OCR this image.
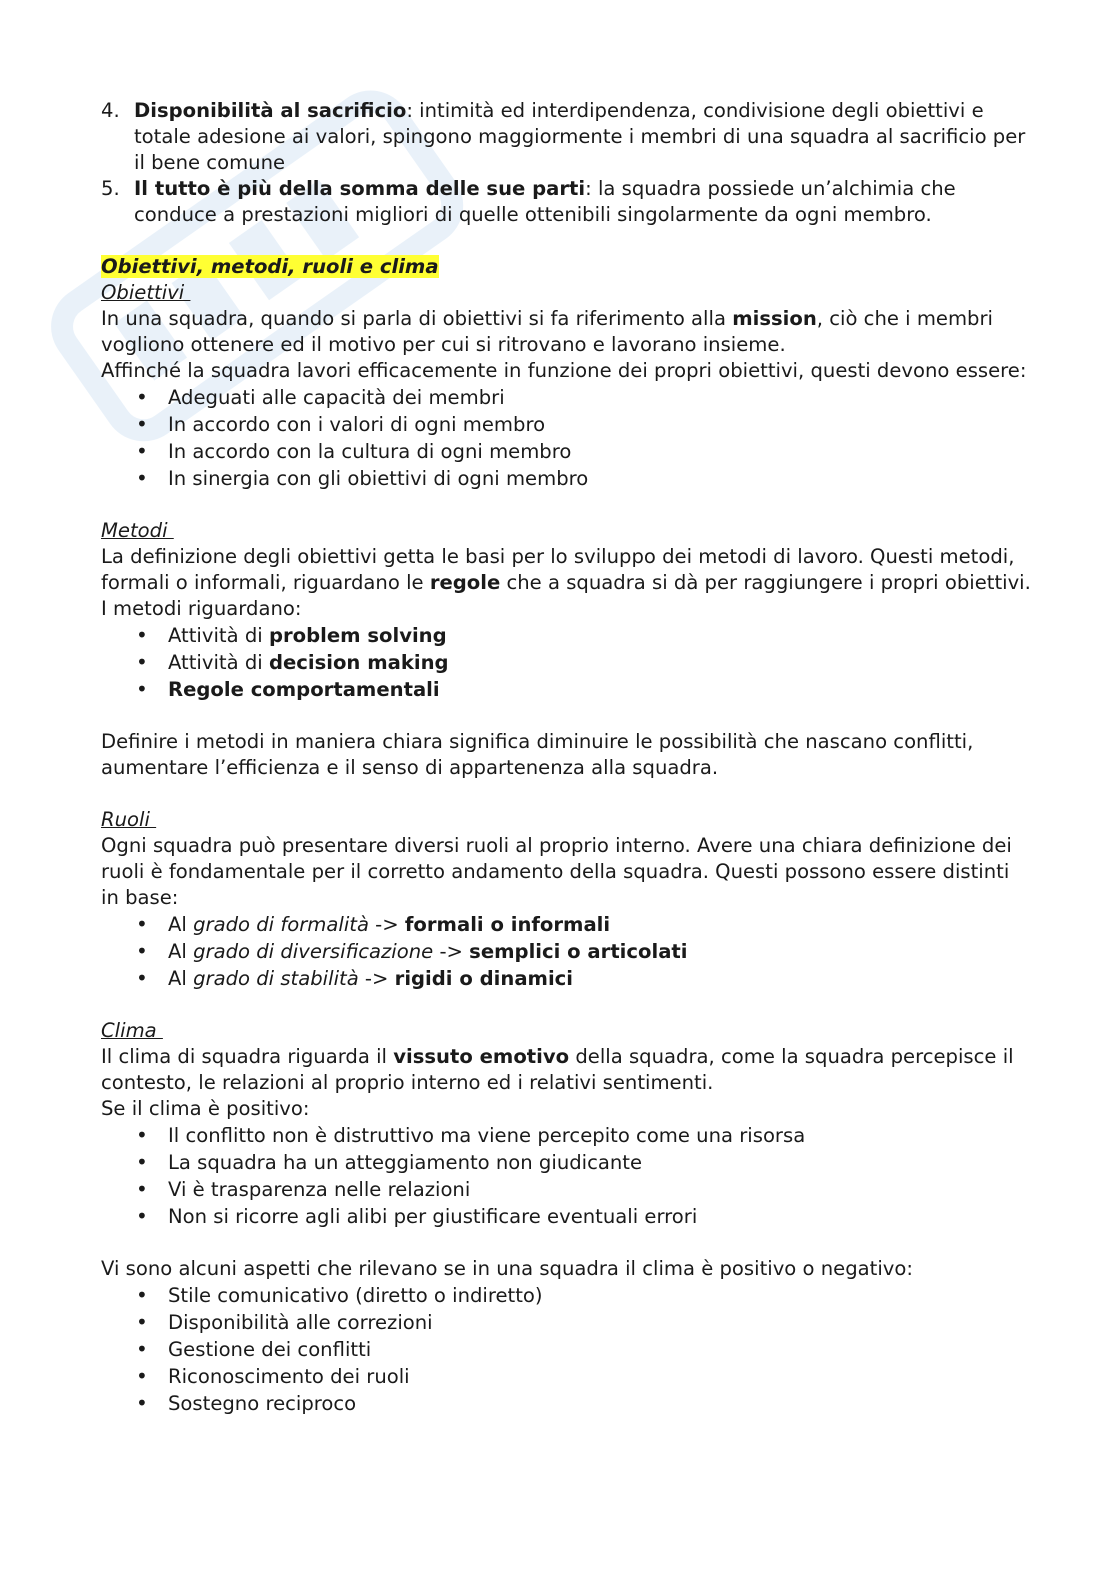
4. Disponibilità al sacrificio: intimità ed interdipendenza, condivisione degli obiettivi e totale adesione ai valori, spingono maggiormente i membri di una squadra al sacrificio per il bene comune
5. Il tutto è più della somma delle sue parti: la squadra possiede un’alchimia che conduce a prestazioni migliori di quelle ottenibili singolarmente da ogni membro.
Obiettivi, metodi, ruoli e clima
Obiettivi

In una squadra, quando si parla di obiettivi si fa riferimento alla mission, ciò che i membri vogliono ottenere ed il motivo per cui si ritrovano e lavorano insieme.

Affinché la squadra lavori efficacemente in funzione dei propri obiettivi, questi devono essere:

• Adeguati alle capacità dei membri
• In accordo con i valori di ogni membro
• In accordo con la cultura di ogni membro
• In sinergia con gli obiettivi di ogni membro
Metodi

La definizione degli obiettivi getta le basi per lo sviluppo dei metodi di lavoro. Questi metodi, formali o informali, riguardano le regole che a squadra si dà per raggiungere i propri obiettivi.

I metodi riguardano:

• Attività di problem solving
• Attività di decision making
• Regole comportamentali

Definire i metodi in maniera chiara significa diminuire le possibilità che nascano conflitti, aumentare l’efficienza e il senso di appartenenza alla squadra.

Ruoli

Ogni squadra può presentare diversi ruoli al proprio interno. Avere una chiara definizione dei ruoli è fondamentale per il corretto andamento della squadra. Questi possono essere distinti in base:

• Al grado di formalità -> formali o informali
• Al grado di diversificazione -> semplici o articolati
• Al grado di stabilità -> rigidi o dinamici
Clima

Il clima di squadra riguarda il vissuto emotivo della squadra, come la squadra percepisce il contesto, le relazioni al proprio interno ed i relativi sentimenti.

Se il clima è positivo:

• Il conflitto non è distruttivo ma viene percepito come una risorsa
• La squadra ha un atteggiamento non giudicante
• Vi è trasparenza nelle relazioni
• Non si ricorre agli alibi per giustificare eventuali errori

Vi sono alcuni aspetti che rilevano se in una squadra il clima è positivo o negativo:

• Stile comunicativo (diretto o indiretto)
• Disponibilità alle correzioni
• Gestione dei conflitti
• Riconoscimento dei ruoli
• Sostegno reciproco
